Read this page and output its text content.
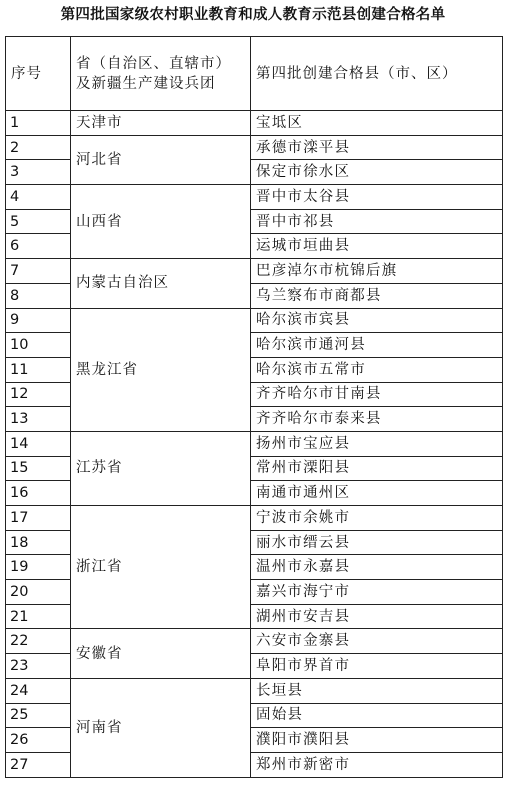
第四批国家级农村职业教育和成人教育示范县创建合格名单
序号	省（自治区、直辖市）及新疆生产建设兵团	第四批创建合格县（市、区）
1	天津市	宝坻区
2	河北省	承德市滦平县
3		保定市徐水区
4	山西省	晋中市太谷县
5		晋中市祁县
6		运城市垣曲县
7	内蒙古自治区	巴彦淖尔市杭锦后旗
8		乌兰察布市商都县
9	黑龙江省	哈尔滨市宾县
10		哈尔滨市通河县
11		哈尔滨市五常市
12		齐齐哈尔市甘南县
13		齐齐哈尔市泰来县
14	江苏省	扬州市宝应县
15		常州市溧阳县
16		南通市通州区
17	浙江省	宁波市余姚市
18		丽水市缙云县
19		温州市永嘉县
20		嘉兴市海宁市
21		湖州市安吉县
22	安徽省	六安市金寨县
23		阜阳市界首市
24	河南省	长垣县
25		固始县
26		濮阳市濮阳县
27		郑州市新密市
